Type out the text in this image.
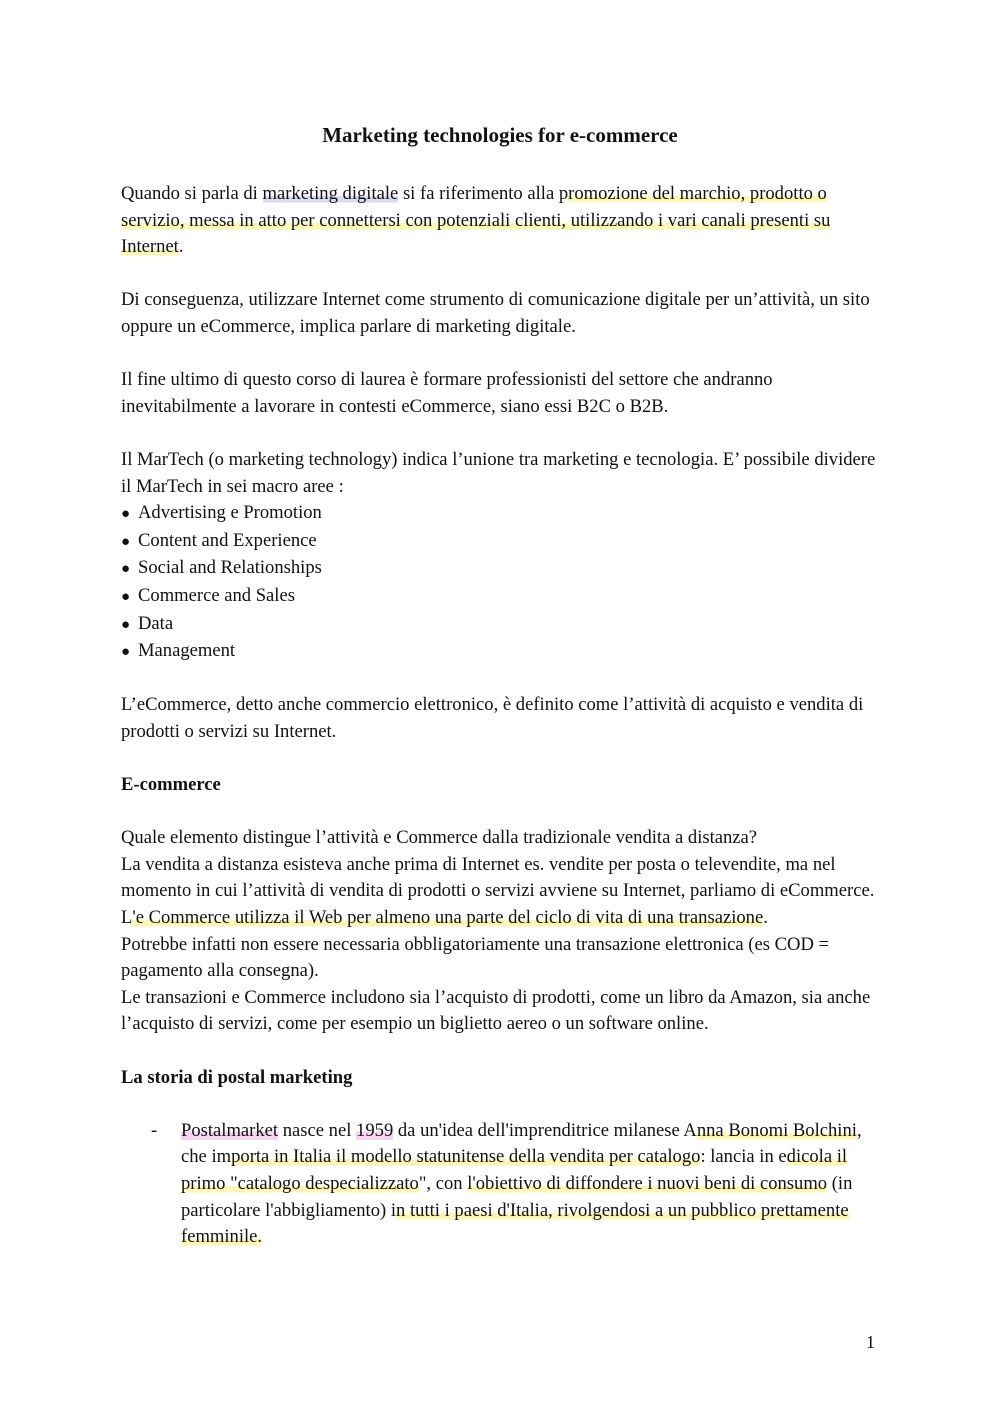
Marketing technologies for e-commerce

Quando si parla di marketing digitale si fa riferimento alla promozione del marchio, prodotto o servizio, messa in atto per connettersi con potenziali clienti, utilizzando i vari canali presenti su Internet.

Di conseguenza, utilizzare Internet come strumento di comunicazione digitale per un’attività, un sito oppure un eCommerce, implica parlare di marketing digitale.

Il fine ultimo di questo corso di laurea è formare professionisti del settore che andranno inevitabilmente a lavorare in contesti eCommerce, siano essi B2C o B2B.

Il MarTech (o marketing technology) indica l’unione tra marketing e tecnologia. E’ possibile dividere il MarTech in sei macro aree :

● Advertising e Promotion
● Content and Experience
● Social and Relationships
● Commerce and Sales
● Data
● Management

L’eCommerce, detto anche commercio elettronico, è definito come l’attività di acquisto e vendita di prodotti o servizi su Internet.

E-commerce

Quale elemento distingue l’attività e Commerce dalla tradizionale vendita a distanza?

La vendita a distanza esisteva anche prima di Internet es. vendite per posta o televendite, ma nel momento in cui l’attività di vendita di prodotti o servizi avviene su Internet, parliamo di eCommerce.

L'e Commerce utilizza il Web per almeno una parte del ciclo di vita di una transazione.

Potrebbe infatti non essere necessaria obbligatoriamente una transazione elettronica (es COD = pagamento alla consegna).

Le transazioni e Commerce includono sia l’acquisto di prodotti, come un libro da Amazon, sia anche l’acquisto di servizi, come per esempio un biglietto aereo o un software online.

La storia di postal marketing

- Postalmarket nasce nel 1959 da un'idea dell'imprenditrice milanese Anna Bonomi Bolchini, che importa in Italia il modello statunitense della vendita per catalogo: lancia in edicola il primo "catalogo despecializzato", con l'obiettivo di diffondere i nuovi beni di consumo (in particolare l'abbigliamento) in tutti i paesi d'Italia, rivolgendosi a un pubblico prettamente femminile.
1
